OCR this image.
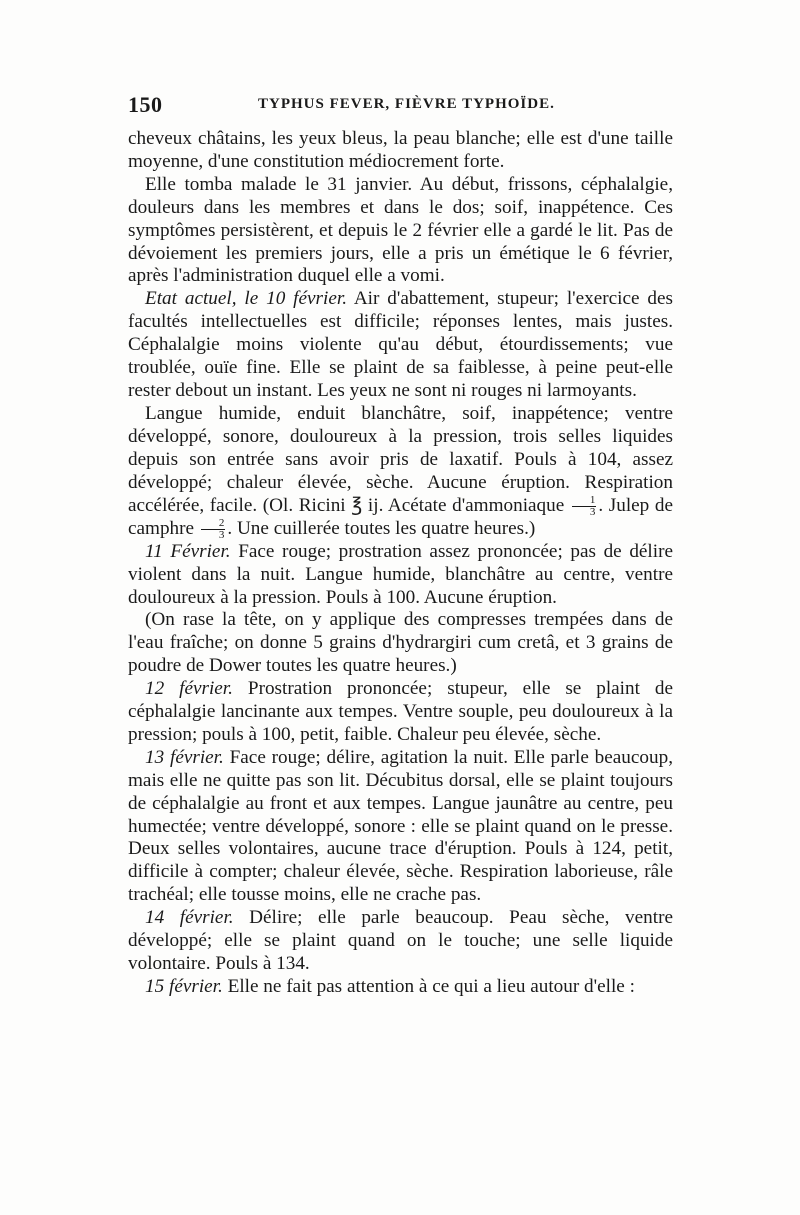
150	TYPHUS FEVER, FIÈVRE TYPHOÏDE.

cheveux châtains, les yeux bleus, la peau blanche; elle est d'une taille moyenne, d'une constitution médiocrement forte.

Elle tomba malade le 31 janvier. Au début, frissons, céphalalgie, douleurs dans les membres et dans le dos; soif, inappétence. Ces symptômes persistèrent, et depuis le 2 février elle a gardé le lit. Pas de dévoiement les premiers jours, elle a pris un émétique le 6 février, après l'administration duquel elle a vomi.

Etat actuel, le 10 février. Air d'abattement, stupeur; l'exercice des facultés intellectuelles est difficile; réponses lentes, mais justes. Céphalalgie moins violente qu'au début, étourdissements; vue troublée, ouïe fine. Elle se plaint de sa faiblesse, à peine peut-elle rester debout un instant. Les yeux ne sont ni rouges ni larmoyants.

Langue humide, enduit blanchâtre, soif, inappétence; ventre développé, sonore, douloureux à la pression, trois selles liquides depuis son entrée sans avoir pris de laxatif. Pouls à 104, assez développé; chaleur élevée, sèche. Aucune éruption. Respiration accélérée, facile. (Ol. Ricini ℥ ij. Acétate d'ammoniaque $\frac{1}{3}$ . Julep de camphre $\frac{2}{3}$ . Une cuillerée toutes les quatre heures.)

11 Février. Face rouge; prostration assez prononcée; pas de délire violent dans la nuit. Langue humide, blanchâtre au centre, ventre douloureux à la pression. Pouls à 100. Aucune éruption.

(On rase la tête, on y applique des compresses trempées dans de l'eau fraîche; on donne 5 grains d'hydrargiri cum cretâ, et 3 grains de poudre de Dower toutes les quatre heures.)

12 février. Prostration prononcée; stupeur, elle se plaint de céphalalgie lancinante aux tempes. Ventre souple, peu douloureux à la pression; pouls à 100, petit, faible. Chaleur peu élevée, sèche.

13 février. Face rouge; délire, agitation la nuit. Elle parle beaucoup, mais elle ne quitte pas son lit. Décubitus dorsal, elle se plaint toujours de céphalalgie au front et aux tempes. Langue jaunâtre au centre, peu humectée; ventre développé, sonore : elle se plaint quand on le presse. Deux selles volontaires, aucune trace d'éruption. Pouls à 124, petit, difficile à compter; chaleur élevée, sèche. Respiration laborieuse, râle trachéal; elle tousse moins, elle ne crache pas.

14 février. Délire; elle parle beaucoup. Peau sèche, ventre développé; elle se plaint quand on le touche; une selle liquide volontaire. Pouls à 134.

15 février. Elle ne fait pas attention à ce qui a lieu autour d'elle :
